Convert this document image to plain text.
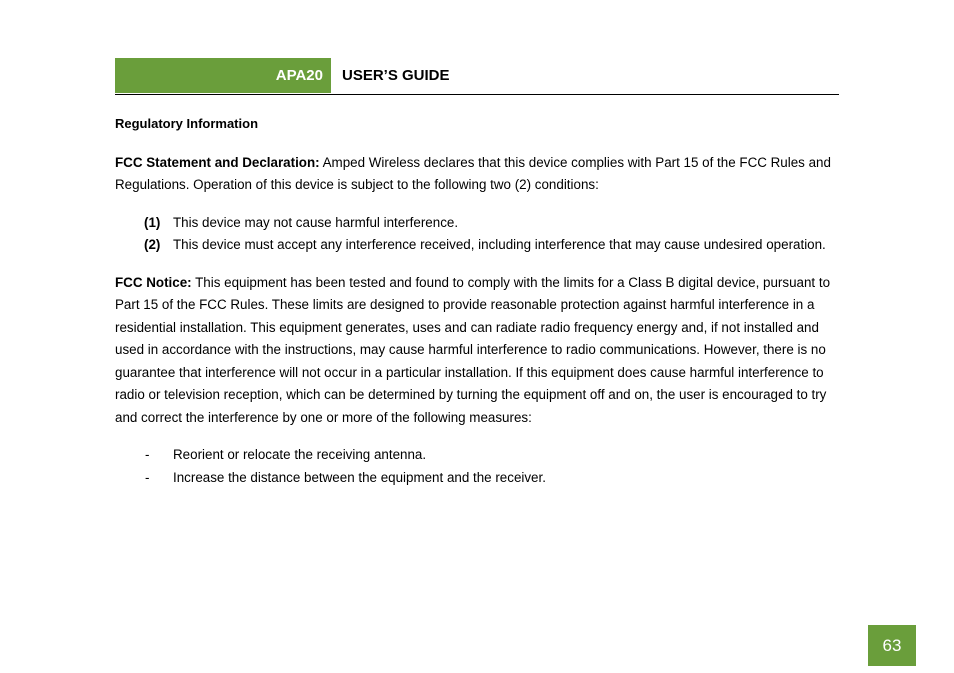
APA20	USER’S GUIDE
Regulatory Information

FCC Statement and Declaration: Amped Wireless declares that this device complies with Part 15 of the FCC Rules and Regulations. Operation of this device is subject to the following two (2) conditions:

(1) This device may not cause harmful interference.
(2) This device must accept any interference received, including interference that may cause undesired operation.

FCC Notice: This equipment has been tested and found to comply with the limits for a Class B digital device, pursuant to Part 15 of the FCC Rules. These limits are designed to provide reasonable protection against harmful interference in a residential installation. This equipment generates, uses and can radiate radio frequency energy and, if not installed and used in accordance with the instructions, may cause harmful interference to radio communications. However, there is no guarantee that interference will not occur in a particular installation. If this equipment does cause harmful interference to radio or television reception, which can be determined by turning the equipment off and on, the user is encouraged to try and correct the interference by one or more of the following measures:

- Reorient or relocate the receiving antenna.
- Increase the distance between the equipment and the receiver.
63
